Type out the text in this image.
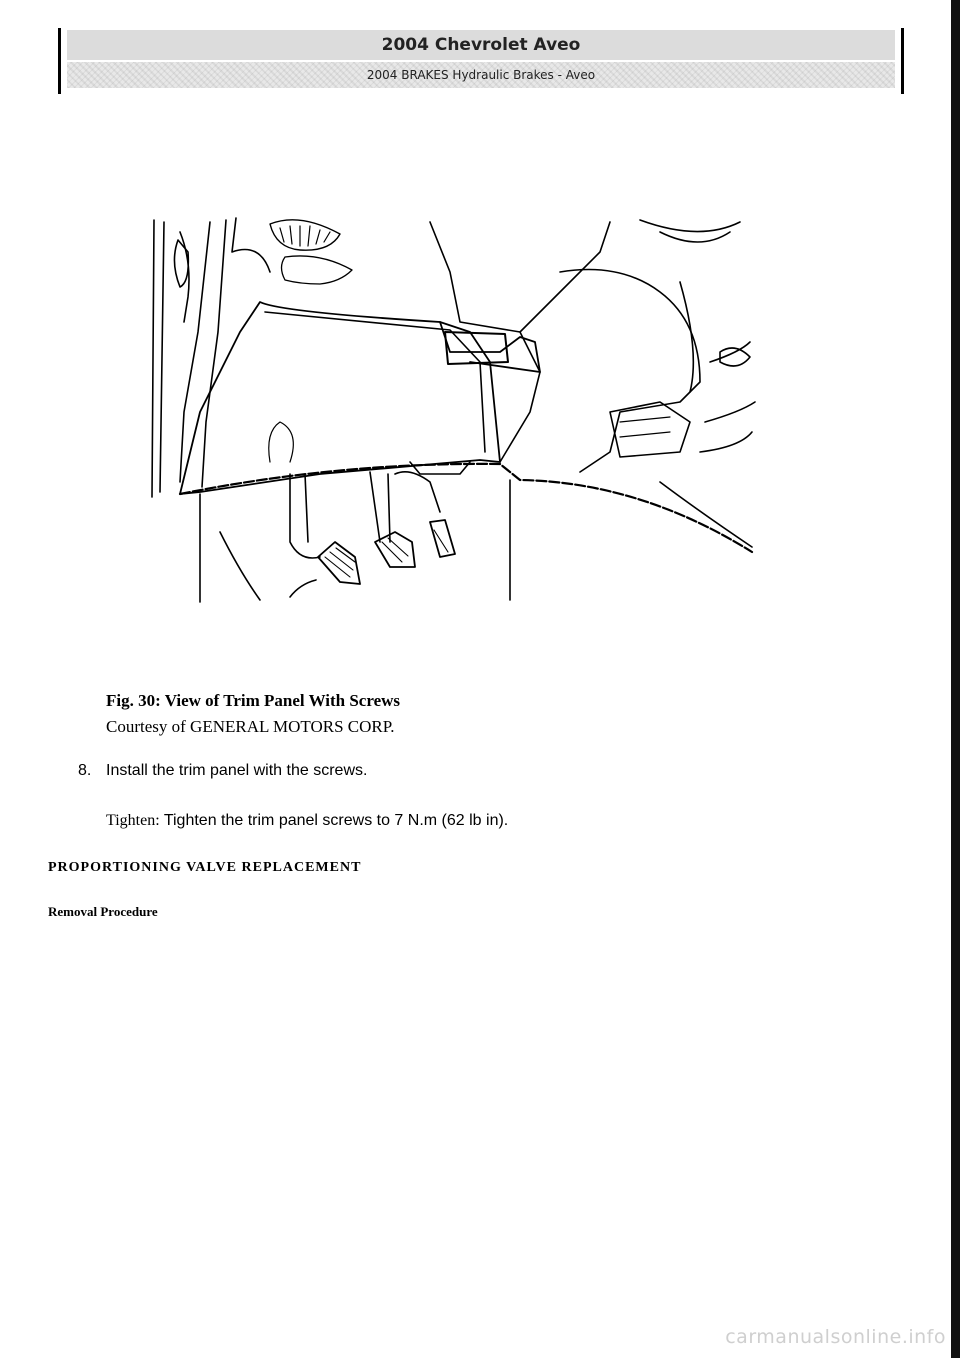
2004 Chevrolet Aveo
2004 BRAKES Hydraulic Brakes - Aveo
Fig. 30: View of Trim Panel With Screws
Courtesy of GENERAL MOTORS CORP.
8. Install the trim panel with the screws.
Tighten: Tighten the trim panel screws to 7 N.m (62 lb in).
PROPORTIONING VALVE REPLACEMENT
Removal Procedure
carmanualsonline.info
